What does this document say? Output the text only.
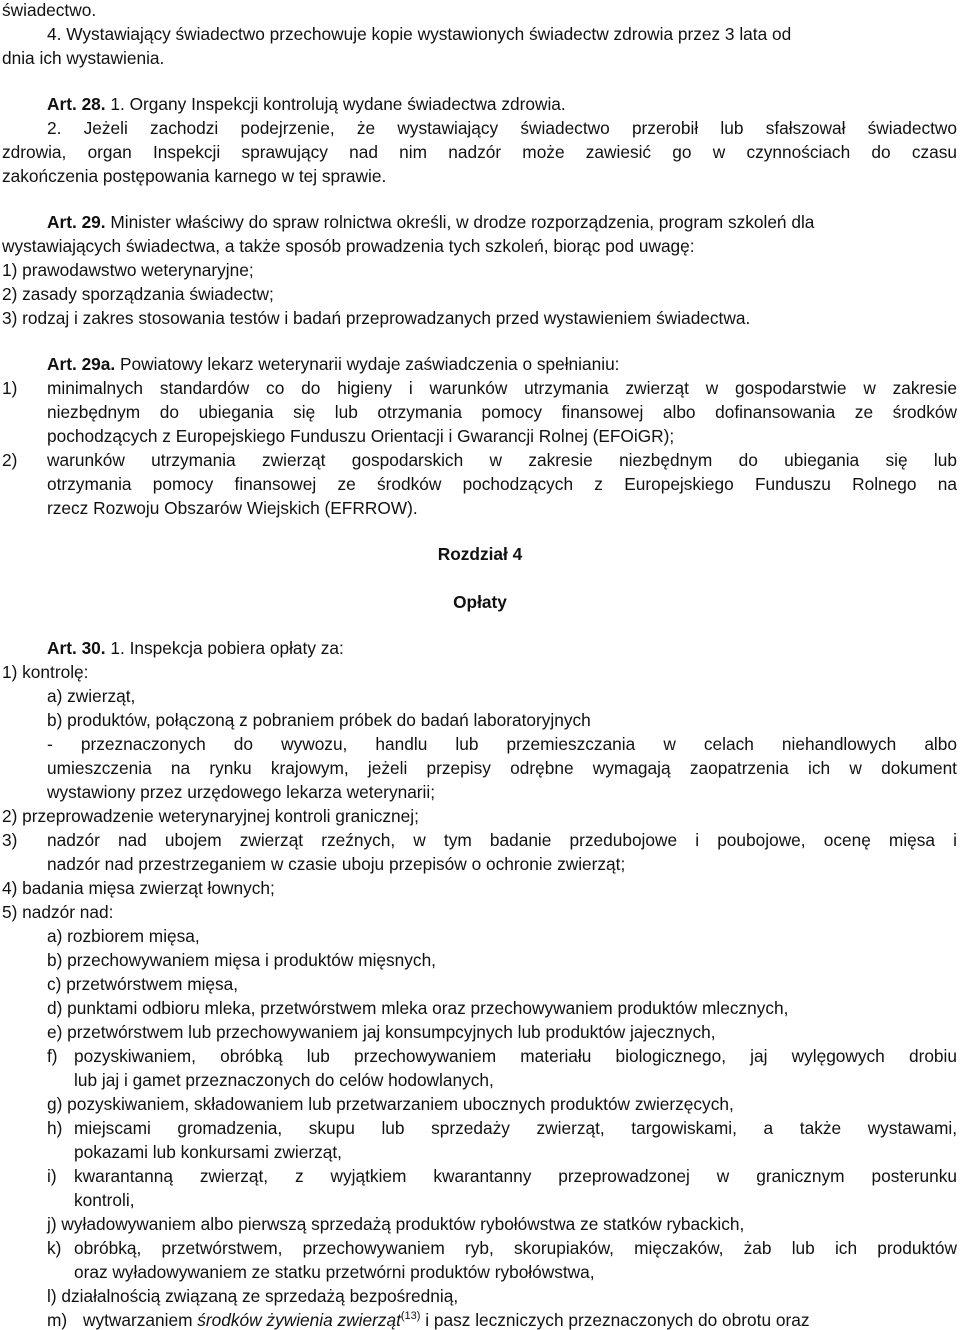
świadectwo.
4. Wystawiający świadectwo przechowuje kopie wystawionych świadectw zdrowia przez 3 lata od
dnia ich wystawienia.
Art. 28. 1. Organy Inspekcji kontrolują wydane świadectwa zdrowia.
2. Jeżeli zachodzi podejrzenie, że wystawiający świadectwo przerobił lub sfałszował świadectwo
zdrowia, organ Inspekcji sprawujący nad nim nadzór może zawiesić go w czynnościach do czasu
zakończenia postępowania karnego w tej sprawie.
Art. 29. Minister właściwy do spraw rolnictwa określi, w drodze rozporządzenia, program szkoleń dla
wystawiających świadectwa, a także sposób prowadzenia tych szkoleń, biorąc pod uwagę:
1) prawodawstwo weterynaryjne;
2) zasady sporządzania świadectw;
3) rodzaj i zakres stosowania testów i badań przeprowadzanych przed wystawieniem świadectwa.
Art. 29a. Powiatowy lekarz weterynarii wydaje zaświadczenia o spełnianiu:
1) minimalnych standardów co do higieny i warunków utrzymania zwierząt w gospodarstwie w zakresie
niezbędnym do ubiegania się lub otrzymania pomocy finansowej albo dofinansowania ze środków
pochodzących z Europejskiego Funduszu Orientacji i Gwarancji Rolnej (EFOiGR);
2) warunków utrzymania zwierząt gospodarskich w zakresie niezbędnym do ubiegania się lub
otrzymania pomocy finansowej ze środków pochodzących z Europejskiego Funduszu Rolnego na
rzecz Rozwoju Obszarów Wiejskich (EFRROW).
Rozdział 4
Opłaty
Art. 30. 1. Inspekcja pobiera opłaty za:
1) kontrolę:
a) zwierząt,
b) produktów, połączoną z pobraniem próbek do badań laboratoryjnych
- przeznaczonych do wywozu, handlu lub przemieszczania w celach niehandlowych albo
umieszczenia na rynku krajowym, jeżeli przepisy odrębne wymagają zaopatrzenia ich w dokument
wystawiony przez urzędowego lekarza weterynarii;
2) przeprowadzenie weterynaryjnej kontroli granicznej;
3) nadzór nad ubojem zwierząt rzeźnych, w tym badanie przedubojowe i poubojowe, ocenę mięsa i
nadzór nad przestrzeganiem w czasie uboju przepisów o ochronie zwierząt;
4) badania mięsa zwierząt łownych;
5) nadzór nad:
a) rozbiorem mięsa,
b) przechowywaniem mięsa i produktów mięsnych,
c) przetwórstwem mięsa,
d) punktami odbioru mleka, przetwórstwem mleka oraz przechowywaniem produktów mlecznych,
e) przetwórstwem lub przechowywaniem jaj konsumpcyjnych lub produktów jajecznych,
f) pozyskiwaniem, obróbką lub przechowywaniem materiału biologicznego, jaj wylęgowych drobiu
lub jaj i gamet przeznaczonych do celów hodowlanych,
g) pozyskiwaniem, składowaniem lub przetwarzaniem ubocznych produktów zwierzęcych,
h) miejscami gromadzenia, skupu lub sprzedaży zwierząt, targowiskami, a także wystawami,
pokazami lub konkursami zwierząt,
i) kwarantanną zwierząt, z wyjątkiem kwarantanny przeprowadzonej w granicznym posterunku
kontroli,
j) wyładowywaniem albo pierwszą sprzedażą produktów rybołówstwa ze statków rybackich,
k) obróbką, przetwórstwem, przechowywaniem ryb, skorupiaków, mięczaków, żab lub ich produktów
oraz wyładowywaniem ze statku przetwórni produktów rybołówstwa,
l) działalnością związaną ze sprzedażą bezpośrednią,
m) wytwarzaniem środków żywienia zwierząt$^{(13)}$ i pasz leczniczych przeznaczonych do obrotu oraz
